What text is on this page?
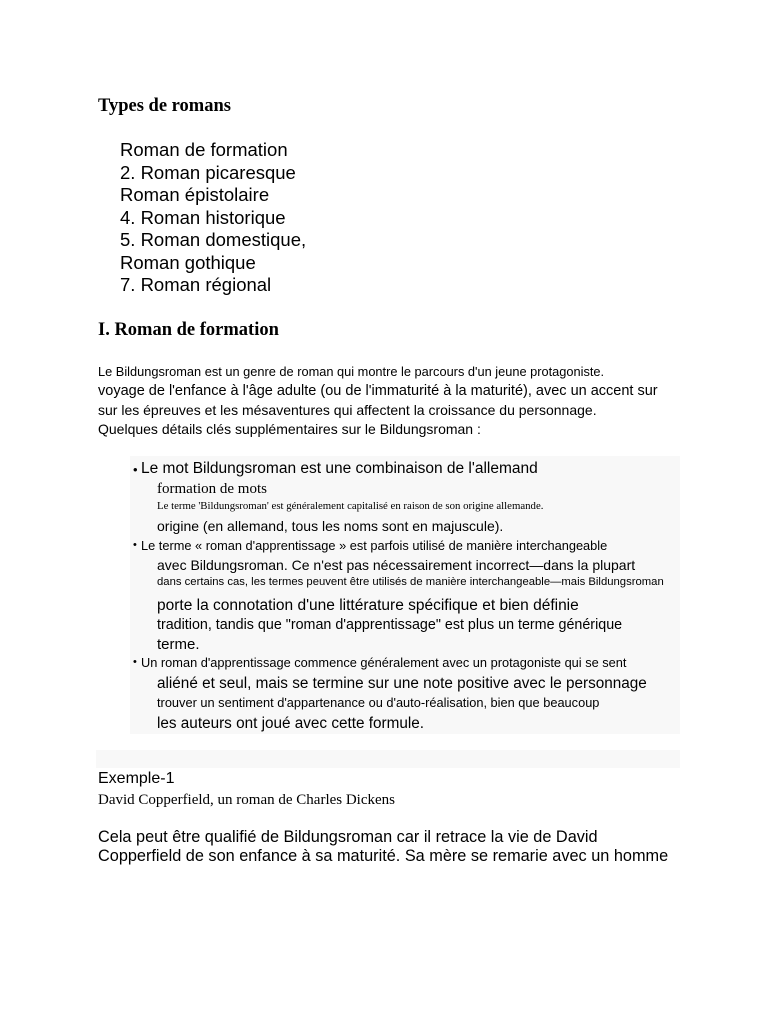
Types de romans
Roman de formation
2. Roman picaresque
Roman épistolaire
4. Roman historique
5. Roman domestique,
Roman gothique
7. Roman régional
I. Roman de formation
Le Bildungsroman est un genre de roman qui montre le parcours d'un jeune protagoniste.
voyage de l'enfance à l'âge adulte (ou de l'immaturité à la maturité), avec un accent sur
sur les épreuves et les mésaventures qui affectent la croissance du personnage.
Quelques détails clés supplémentaires sur le Bildungsroman :
• Le mot Bildungsroman est une combinaison de l'allemand
formation de mots
Le terme 'Bildungsroman' est généralement capitalisé en raison de son origine allemande.
origine (en allemand, tous les noms sont en majuscule).
• Le terme « roman d'apprentissage » est parfois utilisé de manière interchangeable
avec Bildungsroman. Ce n'est pas nécessairement incorrect—dans la plupart
dans certains cas, les termes peuvent être utilisés de manière interchangeable—mais Bildungsroman
porte la connotation d'une littérature spécifique et bien définie
tradition, tandis que "roman d'apprentissage" est plus un terme générique
terme.
• Un roman d'apprentissage commence généralement avec un protagoniste qui se sent
aliéné et seul, mais se termine sur une note positive avec le personnage
trouver un sentiment d'appartenance ou d'auto-réalisation, bien que beaucoup
les auteurs ont joué avec cette formule.
Exemple-1
David Copperfield, un roman de Charles Dickens
Cela peut être qualifié de Bildungsroman car il retrace la vie de David
Copperfield de son enfance à sa maturité. Sa mère se remarie avec un homme
